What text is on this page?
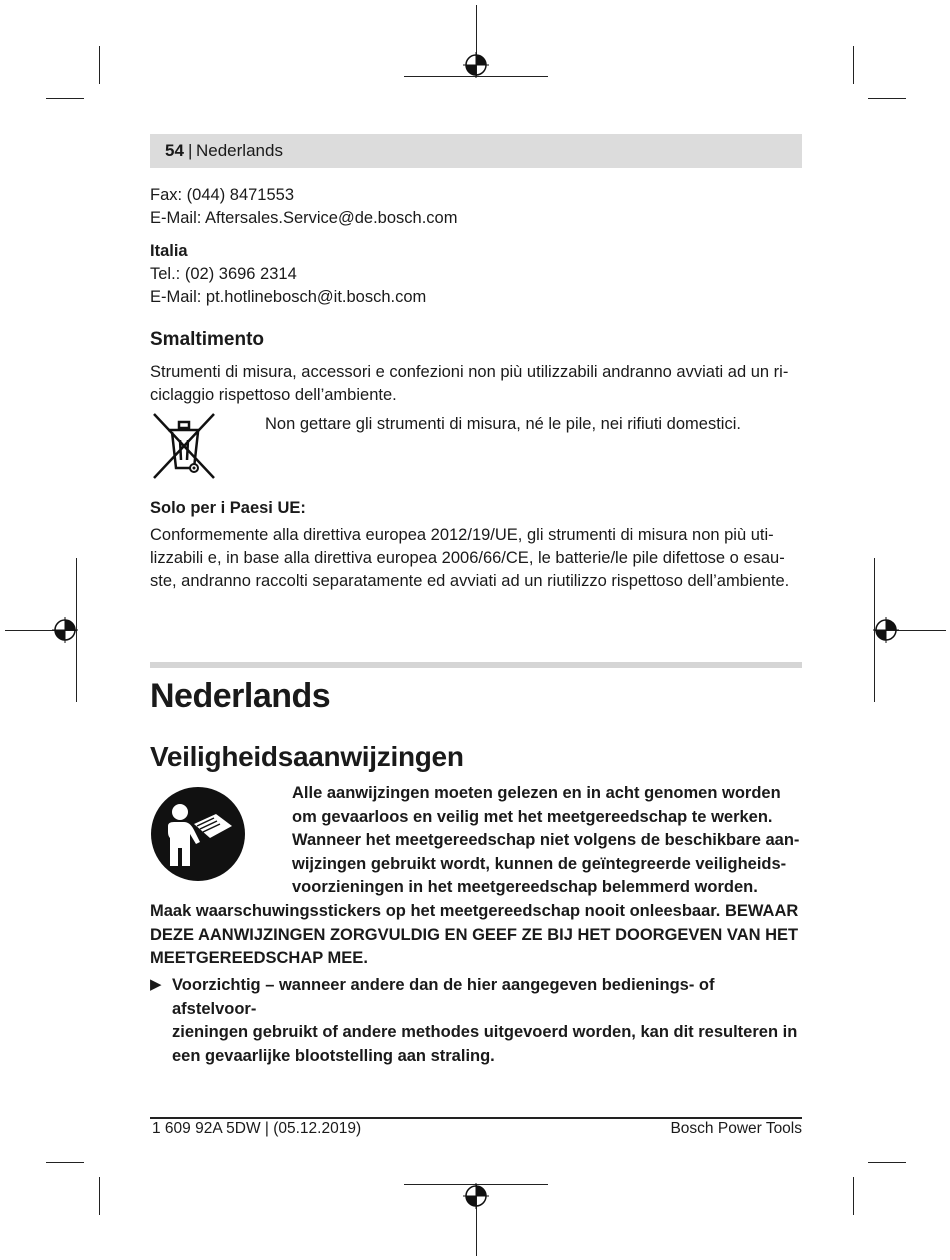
54 | Nederlands
Fax: (044) 8471553
E-Mail: Aftersales.Service@de.bosch.com
Italia
Tel.: (02) 3696 2314
E-Mail: pt.hotlinebosch@it.bosch.com
Smaltimento
Strumenti di misura, accessori e confezioni non più utilizzabili andranno avviati ad un ri-
ciclaggio rispettoso dell’ambiente.
Non gettare gli strumenti di misura, né le pile, nei rifiuti domestici.
Solo per i Paesi UE:
Conformemente alla direttiva europea 2012/19/UE, gli strumenti di misura non più uti-
lizzabili e, in base alla direttiva europea 2006/66/CE, le batterie/le pile difettose o esau-
ste, andranno raccolti separatamente ed avviati ad un riutilizzo rispettoso dell’ambiente.
Nederlands
Veiligheidsaanwijzingen
Alle aanwijzingen moeten gelezen en in acht genomen worden
om gevaarloos en veilig met het meetgereedschap te werken.
Wanneer het meetgereedschap niet volgens de beschikbare aan-
wijzingen gebruikt wordt, kunnen de geïntegreerde veiligheids-
voorzieningen in het meetgereedschap belemmerd worden.
Maak waarschuwingsstickers op het meetgereedschap nooit onleesbaar. BEWAAR
DEZE AANWIJZINGEN ZORGVULDIG EN GEEF ZE BIJ HET DOORGEVEN VAN HET
MEETGEREEDSCHAP MEE.
▶ Voorzichtig – wanneer andere dan de hier aangegeven bedienings- of afstelvoor-
zieningen gebruikt of andere methodes uitgevoerd worden, kan dit resulteren in
een gevaarlijke blootstelling aan straling.
1 609 92A 5DW | (05.12.2019)	Bosch Power Tools
